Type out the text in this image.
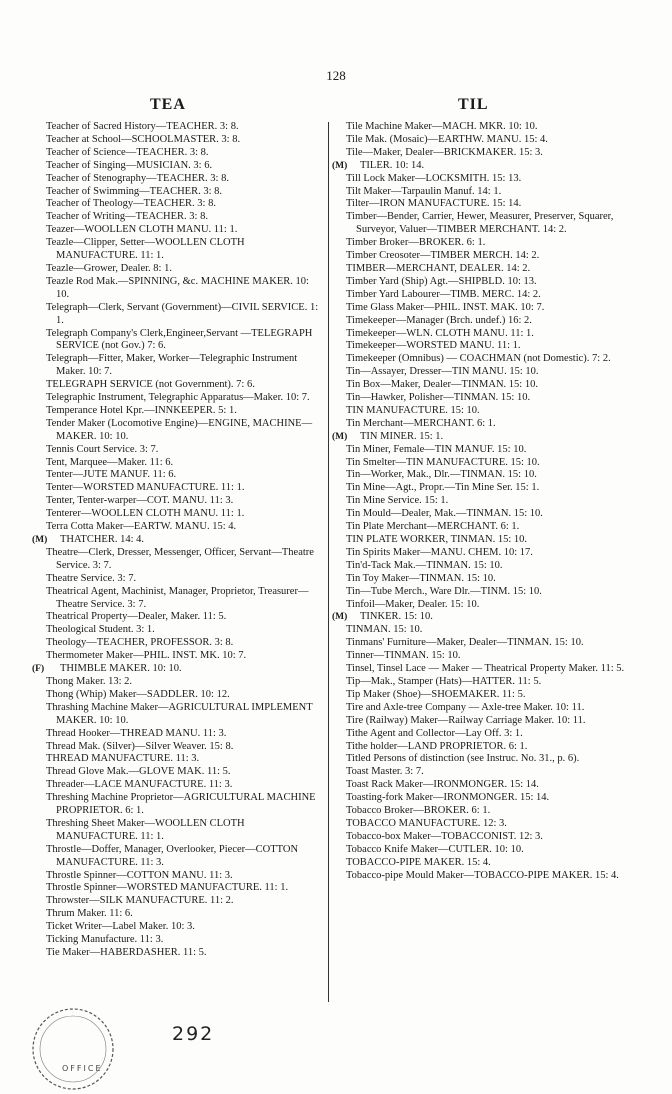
128
TEA	TIL
Teacher of Sacred History—TEACHER. 3: 8.
Teacher at School—SCHOOLMASTER. 3: 8.
Teacher of Science—TEACHER. 3: 8.
Teacher of Singing—MUSICIAN. 3: 6.
Teacher of Stenography—TEACHER. 3: 8.
Teacher of Swimming—TEACHER. 3: 8.
Teacher of Theology—TEACHER. 3: 8.
Teacher of Writing—TEACHER. 3: 8.
Teazer—WOOLLEN CLOTH MANU. 11: 1.
Teazle—Clipper, Setter—WOOLLEN CLOTH MANUFACTURE. 11: 1.
Teazle—Grower, Dealer. 8: 1.
Teazle Rod Mak.—SPINNING, &c. MACHINE MAKER. 10: 10.
Telegraph—Clerk, Servant (Government)—CIVIL SERVICE. 1: 1.
Telegraph Company's Clerk,Engineer,Servant —TELEGRAPH SERVICE (not Gov.) 7: 6.
Telegraph—Fitter, Maker, Worker—Telegraphic Instrument Maker. 10: 7.
TELEGRAPH SERVICE (not Government). 7: 6.
Telegraphic Instrument, Telegraphic Apparatus—Maker. 10: 7.
Temperance Hotel Kpr.—INNKEEPER. 5: 1.
Tender Maker (Locomotive Engine)—ENGINE, MACHINE—MAKER. 10: 10.
Tennis Court Service. 3: 7.
Tent, Marquee—Maker. 11: 6.
Tenter—JUTE MANUF. 11: 6.
Tenter—WORSTED MANUFACTURE. 11: 1.
Tenter, Tenter-warper—COT. MANU. 11: 3.
Tenterer—WOOLLEN CLOTH MANU. 11: 1.
Terra Cotta Maker—EARTW. MANU. 15: 4.
(M) THATCHER. 14: 4.
Theatre—Clerk, Dresser, Messenger, Officer, Servant—Theatre Service. 3: 7.
Theatre Service. 3: 7.
Theatrical Agent, Machinist, Manager, Proprietor, Treasurer—Theatre Service. 3: 7.
Theatrical Property—Dealer, Maker. 11: 5.
Theological Student. 3: 1.
Theology—TEACHER, PROFESSOR. 3: 8.
Thermometer Maker—PHIL. INST. MK. 10: 7.
(F) THIMBLE MAKER. 10: 10.
Thong Maker. 13: 2.
Thong (Whip) Maker—SADDLER. 10: 12.
Thrashing Machine Maker—AGRICULTURAL IMPLEMENT MAKER. 10: 10.
Thread Hooker—THREAD MANU. 11: 3.
Thread Mak. (Silver)—Silver Weaver. 15: 8.
THREAD MANUFACTURE. 11: 3.
Thread Glove Mak.—GLOVE MAK. 11: 5.
Threader—LACE MANUFACTURE. 11: 3.
Threshing Machine Proprietor—AGRICULTURAL MACHINE PROPRIETOR. 6: 1.
Threshing Sheet Maker—WOOLLEN CLOTH MANUFACTURE. 11: 1.
Throstle—Doffer, Manager, Overlooker, Piecer—COTTON MANUFACTURE. 11: 3.
Throstle Spinner—COTTON MANU. 11: 3.
Throstle Spinner—WORSTED MANUFACTURE. 11: 1.
Throwster—SILK MANUFACTURE. 11: 2.
Thrum Maker. 11: 6.
Ticket Writer—Label Maker. 10: 3.
Ticking Manufacture. 11: 3.
Tie Maker—HABERDASHER. 11: 5.
Tile Machine Maker—MACH. MKR. 10: 10.
Tile Mak. (Mosaic)—EARTHW. MANU. 15: 4.
Tile—Maker, Dealer—BRICKMAKER. 15: 3.
(M) TILER. 10: 14.
Till Lock Maker—LOCKSMITH. 15: 13.
Tilt Maker—Tarpaulin Manuf. 14: 1.
Tilter—IRON MANUFACTURE. 15: 14.
Timber—Bender, Carrier, Hewer, Measurer, Preserver, Squarer, Surveyor, Valuer—TIMBER MERCHANT. 14: 2.
Timber Broker—BROKER. 6: 1.
Timber Creosoter—TIMBER MERCH. 14: 2.
TIMBER—MERCHANT, DEALER. 14: 2.
Timber Yard (Ship) Agt.—SHIPBLD. 10: 13.
Timber Yard Labourer—TIMB. MERC. 14: 2.
Time Glass Maker—PHIL. INST. MAK. 10: 7.
Timekeeper—Manager (Brch. undef.) 16: 2.
Timekeeper—WLN. CLOTH MANU. 11: 1.
Timekeeper—WORSTED MANU. 11: 1.
Timekeeper (Omnibus) — COACHMAN (not Domestic). 7: 2.
Tin—Assayer, Dresser—TIN MANU. 15: 10.
Tin Box—Maker, Dealer—TINMAN. 15: 10.
Tin—Hawker, Polisher—TINMAN. 15: 10.
TIN MANUFACTURE. 15: 10.
Tin Merchant—MERCHANT. 6: 1.
(M) TIN MINER. 15: 1.
Tin Miner, Female—TIN MANUF. 15: 10.
Tin Smelter—TIN MANUFACTURE. 15: 10.
Tin—Worker, Mak., Dlr.—TINMAN. 15: 10.
Tin Mine—Agt., Propr.—Tin Mine Ser. 15: 1.
Tin Mine Service. 15: 1.
Tin Mould—Dealer, Mak.—TINMAN. 15: 10.
Tin Plate Merchant—MERCHANT. 6: 1.
TIN PLATE WORKER, TINMAN. 15: 10.
Tin Spirits Maker—MANU. CHEM. 10: 17.
Tin'd-Tack Mak.—TINMAN. 15: 10.
Tin Toy Maker—TINMAN. 15: 10.
Tin—Tube Merch., Ware Dlr.—TINM. 15: 10.
Tinfoil—Maker, Dealer. 15: 10.
(M) TINKER. 15: 10.
TINMAN. 15: 10.
Tinmans' Furniture—Maker, Dealer—TINMAN. 15: 10.
Tinner—TINMAN. 15: 10.
Tinsel, Tinsel Lace — Maker — Theatrical Property Maker. 11: 5.
Tip—Mak., Stamper (Hats)—HATTER. 11: 5.
Tip Maker (Shoe)—SHOEMAKER. 11: 5.
Tire and Axle-tree Company — Axle-tree Maker. 10: 11.
Tire (Railway) Maker—Railway Carriage Maker. 10: 11.
Tithe Agent and Collector—Lay Off. 3: 1.
Tithe holder—LAND PROPRIETOR. 6: 1.
Titled Persons of distinction (see Instruc. No. 31., p. 6).
Toast Master. 3: 7.
Toast Rack Maker—IRONMONGER. 15: 14.
Toasting-fork Maker—IRONMONGER. 15: 14.
Tobacco Broker—BROKER. 6: 1.
TOBACCO MANUFACTURE. 12: 3.
Tobacco-box Maker—TOBACCONIST. 12: 3.
Tobacco Knife Maker—CUTLER. 10: 10.
TOBACCO-PIPE MAKER. 15: 4.
Tobacco-pipe Mould Maker—TOBACCO-PIPE MAKER. 15: 4.
OFFICE
292
